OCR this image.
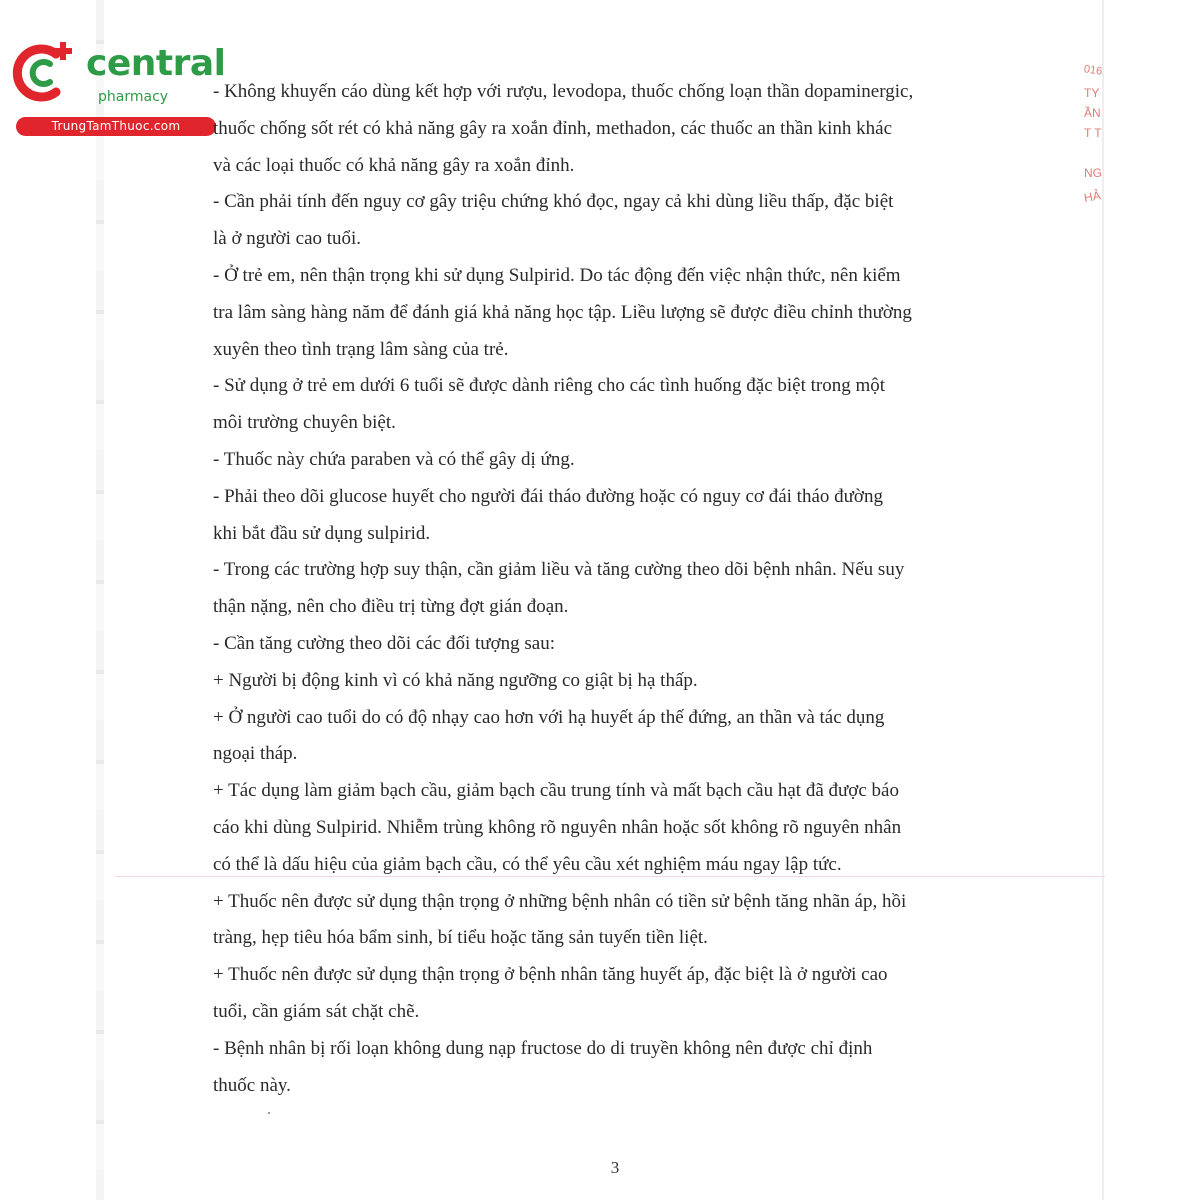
central
pharmacy
TrungTamThuoc.com
016
TY
ẦN
T T
NG
HẢ
- Không khuyến cáo dùng kết hợp với rượu, levodopa, thuốc chống loạn thần dopaminergic,
thuốc chống sốt rét có khả năng gây ra xoắn đỉnh, methadon, các thuốc an thần kinh khác
và các loại thuốc có khả năng gây ra xoắn đỉnh.
- Cần phải tính đến nguy cơ gây triệu chứng khó đọc, ngay cả khi dùng liều thấp, đặc biệt
là ở người cao tuổi.
- Ở trẻ em, nên thận trọng khi sử dụng Sulpirid. Do tác động đến việc nhận thức, nên kiểm
tra lâm sàng hàng năm để đánh giá khả năng học tập. Liều lượng sẽ được điều chỉnh thường
xuyên theo tình trạng lâm sàng của trẻ.
- Sử dụng ở trẻ em dưới 6 tuổi sẽ được dành riêng cho các tình huống đặc biệt trong một
môi trường chuyên biệt.
- Thuốc này chứa paraben và có thể gây dị ứng.
- Phải theo dõi glucose huyết cho người đái tháo đường hoặc có nguy cơ đái tháo đường
khi bắt đầu sử dụng sulpirid.
- Trong các trường hợp suy thận, cần giảm liều và tăng cường theo dõi bệnh nhân. Nếu suy
thận nặng, nên cho điều trị từng đợt gián đoạn.
- Cần tăng cường theo dõi các đối tượng sau:
+ Người bị động kinh vì có khả năng ngưỡng co giật bị hạ thấp.
+ Ở người cao tuổi do có độ nhạy cao hơn với hạ huyết áp thế đứng, an thần và tác dụng
ngoại tháp.
+ Tác dụng làm giảm bạch cầu, giảm bạch cầu trung tính và mất bạch cầu hạt đã được báo
cáo khi dùng Sulpirid. Nhiễm trùng không rõ nguyên nhân hoặc sốt không rõ nguyên nhân
có thể là dấu hiệu của giảm bạch cầu, có thể yêu cầu xét nghiệm máu ngay lập tức.
+ Thuốc nên được sử dụng thận trọng ở những bệnh nhân có tiền sử bệnh tăng nhãn áp, hồi
tràng, hẹp tiêu hóa bẩm sinh, bí tiểu hoặc tăng sản tuyến tiền liệt.
+ Thuốc nên được sử dụng thận trọng ở bệnh nhân tăng huyết áp, đặc biệt là ở người cao
tuổi, cần giám sát chặt chẽ.
- Bệnh nhân bị rối loạn không dung nạp fructose do di truyền không nên được chỉ định
thuốc này.
3
